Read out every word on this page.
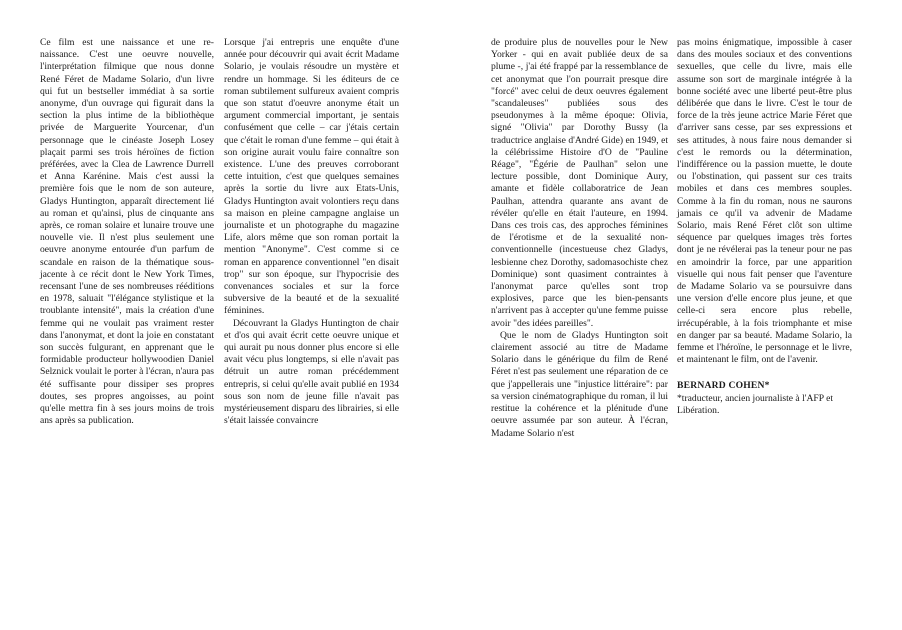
Ce film est une naissance et une re-naissance. C'est une oeuvre nouvelle, l'interprétation filmique que nous donne René Féret de Madame Solario, d'un livre qui fut un bestseller immédiat à sa sortie anonyme, d'un ouvrage qui figurait dans la section la plus intime de la bibliothèque privée de Marguerite Yourcenar, d'un personnage que le cinéaste Joseph Losey plaçait parmi ses trois héroïnes de fiction préférées, avec la Clea de Lawrence Durrell et Anna Karénine. Mais c'est aussi la première fois que le nom de son auteure, Gladys Huntington, apparaît directement lié au roman et qu'ainsi, plus de cinquante ans après, ce roman solaire et lunaire trouve une nouvelle vie. Il n'est plus seulement une oeuvre anonyme entourée d'un parfum de scandale en raison de la thématique sous-jacente à ce récit dont le New York Times, recensant l'une de ses nombreuses rééditions en 1978, saluait "l'élégance stylistique et la troublante intensité", mais la création d'une femme qui ne voulait pas vraiment rester dans l'anonymat, et dont la joie en constatant son succès fulgurant, en apprenant que le formidable producteur hollywoodien Daniel Selznick voulait le porter à l'écran, n'aura pas été suffisante pour dissiper ses propres doutes, ses propres angoisses, au point qu'elle mettra fin à ses jours moins de trois ans après sa publication.

Lorsque j'ai entrepris une enquête d'une année pour découvrir qui avait écrit Madame Solario, je voulais résoudre un mystère et rendre un hommage. Si les éditeurs de ce roman subtilement sulfureux avaient compris que son statut d'oeuvre anonyme était un argument commercial important, je sentais confusément que celle – car j'étais certain que c'était le roman d'une femme – qui était à son origine aurait voulu faire connaître son existence. L'une des preuves corroborant cette intuition, c'est que quelques semaines après la sortie du livre aux Etats-Unis, Gladys Huntington avait volontiers reçu dans sa maison en pleine campagne anglaise un journaliste et un photographe du magazine Life, alors même que son roman portait la mention "Anonyme". C'est comme si ce roman en apparence conventionnel "en disait trop" sur son époque, sur l'hypocrisie des convenances sociales et sur la force subversive de la beauté et de la sexualité féminines.

Découvrant la Gladys Huntington de chair et d'os qui avait écrit cette oeuvre unique et qui aurait pu nous donner plus encore si elle avait vécu plus longtemps, si elle n'avait pas détruit un autre roman précédemment entrepris, si celui qu'elle avait publié en 1934 sous son nom de jeune fille n'avait pas mystérieusement disparu des librairies, si elle s'était laissée convaincre

de produire plus de nouvelles pour le New Yorker - qui en avait publiée deux de sa plume -, j'ai été frappé par la ressemblance de cet anonymat que l'on pourrait presque dire "forcé" avec celui de deux oeuvres également "scandaleuses" publiées sous des pseudonymes à la même époque: Olivia, signé "Olivia" par Dorothy Bussy (la traductrice anglaise d'André Gide) en 1949, et la célébrissime Histoire d'O de "Pauline Réage", "Égérie de Paulhan" selon une lecture possible, dont Dominique Aury, amante et fidèle collaboratrice de Jean Paulhan, attendra quarante ans avant de révéler qu'elle en était l'auteure, en 1994. Dans ces trois cas, des approches féminines de l'érotisme et de la sexualité non-conventionnelle (incestueuse chez Gladys, lesbienne chez Dorothy, sadomasochiste chez Dominique) sont quasiment contraintes à l'anonymat parce qu'elles sont trop explosives, parce que les bien-pensants n'arrivent pas à accepter qu'une femme puisse avoir "des idées pareilles".

Que le nom de Gladys Huntington soit clairement associé au titre de Madame Solario dans le générique du film de René Féret n'est pas seulement une réparation de ce que j'appellerais une "injustice littéraire": par sa version cinématographique du roman, il lui restitue la cohérence et la plénitude d'une oeuvre assumée par son auteur. À l'écran, Madame Solario n'est

pas moins énigmatique, impossible à caser dans des moules sociaux et des conventions sexuelles, que celle du livre, mais elle assume son sort de marginale intégrée à la bonne société avec une liberté peut-être plus délibérée que dans le livre. C'est le tour de force de la très jeune actrice Marie Féret que d'arriver sans cesse, par ses expressions et ses attitudes, à nous faire nous demander si c'est le remords ou la détermination, l'indifférence ou la passion muette, le doute ou l'obstination, qui passent sur ces traits mobiles et dans ces membres souples. Comme à la fin du roman, nous ne saurons jamais ce qu'il va advenir de Madame Solario, mais René Féret clôt son ultime séquence par quelques images très fortes dont je ne révélerai pas la teneur pour ne pas en amoindrir la force, par une apparition visuelle qui nous fait penser que l'aventure de Madame Solario va se poursuivre dans une version d'elle encore plus jeune, et que celle-ci sera encore plus rebelle, irrécupérable, à la fois triomphante et mise en danger par sa beauté. Madame Solario, la femme et l'héroïne, le personnage et le livre, et maintenant le film, ont de l'avenir.

BERNARD COHEN*

*traducteur, ancien journaliste à l'AFP et Libération.
